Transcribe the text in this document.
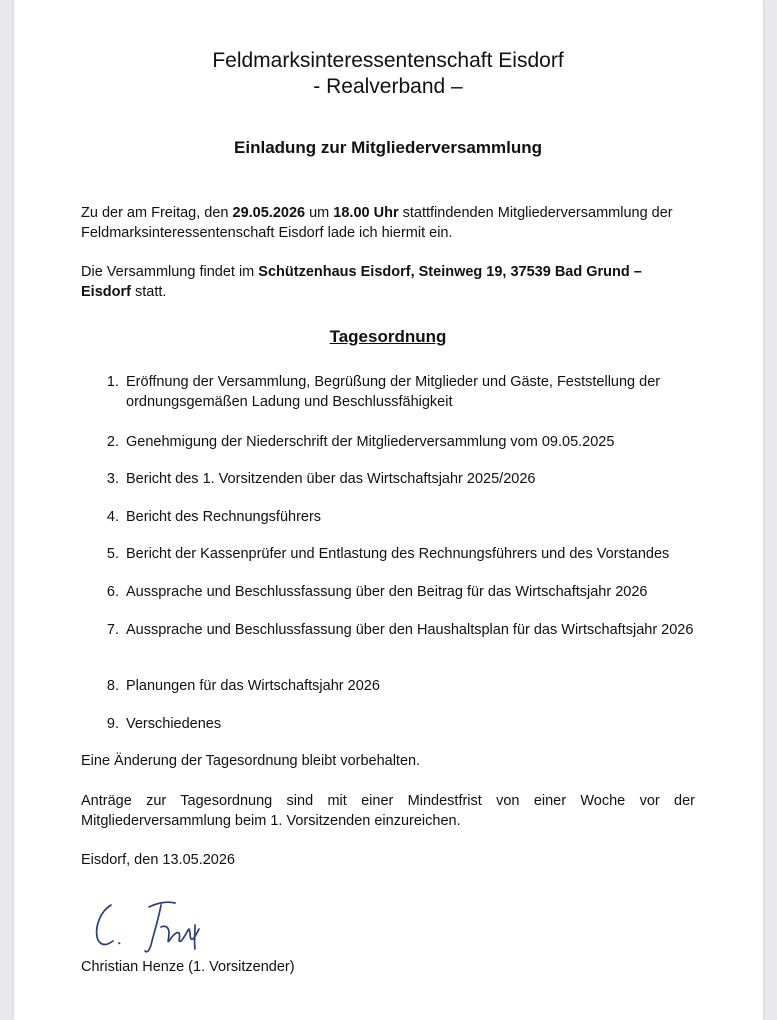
Feldmarksinteressentenschaft Eisdorf
- Realverband –
Einladung zur Mitgliederversammlung

Zu der am Freitag, den 29.05.2026 um 18.00 Uhr stattfindenden Mitgliederversammlung der Feldmarksinteressentenschaft Eisdorf lade ich hiermit ein.

Die Versammlung findet im Schützenhaus Eisdorf, Steinweg 19, 37539 Bad Grund – Eisdorf statt.

Tagesordnung
1. Eröffnung der Versammlung, Begrüßung der Mitglieder und Gäste, Feststellung der ordnungsgemäßen Ladung und Beschlussfähigkeit
2. Genehmigung der Niederschrift der Mitgliederversammlung vom 09.05.2025
3. Bericht des 1. Vorsitzenden über das Wirtschaftsjahr 2025/2026
4. Bericht des Rechnungsführers
5. Bericht der Kassenprüfer und Entlastung des Rechnungsführers und des Vorstandes
6. Aussprache und Beschlussfassung über den Beitrag für das Wirtschaftsjahr 2026
7. Aussprache und Beschlussfassung über den Haushaltsplan für das Wirtschaftsjahr 2026
8. Planungen für das Wirtschaftsjahr 2026
9. Verschiedenes

Eine Änderung der Tagesordnung bleibt vorbehalten.

Anträge zur Tagesordnung sind mit einer Mindestfrist von einer Woche vor der Mitgliederversammlung beim 1. Vorsitzenden einzureichen.

Eisdorf, den 13.05.2026

Christian Henze (1. Vorsitzender)
